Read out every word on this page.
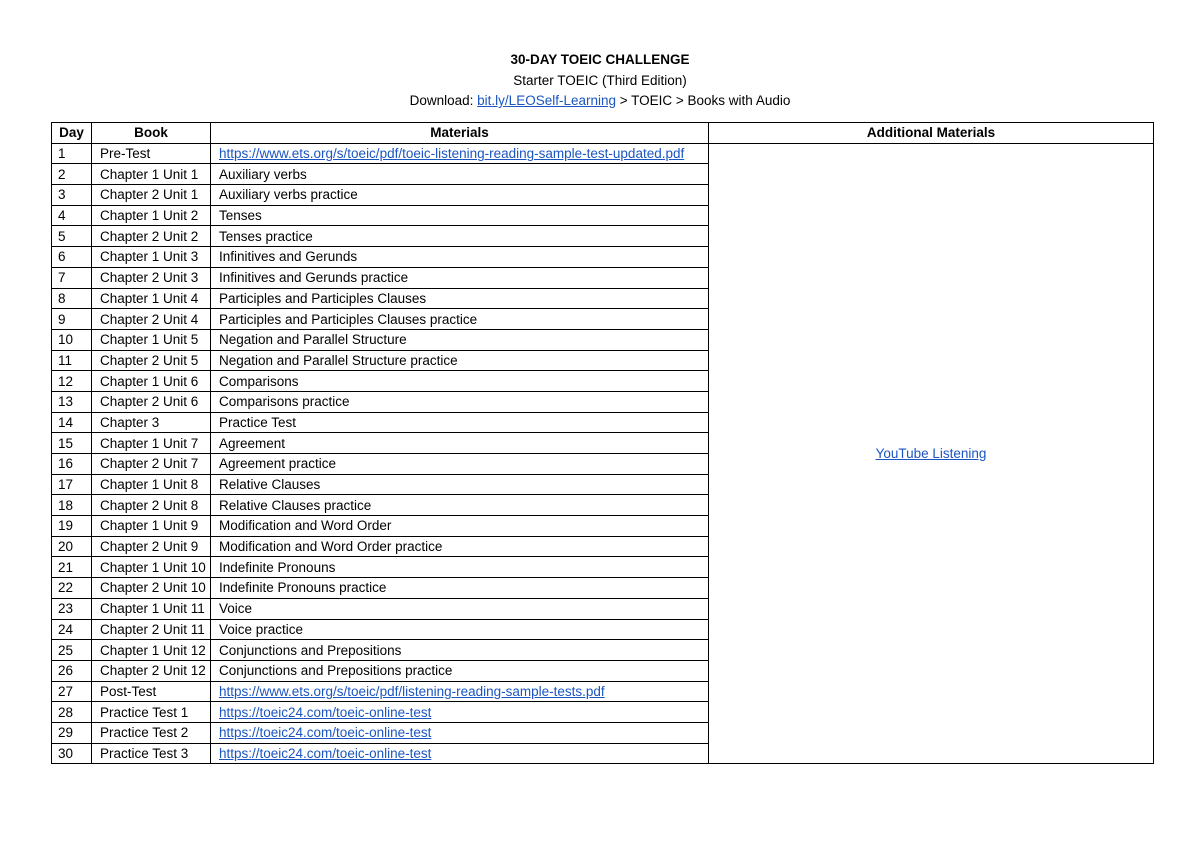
30-DAY TOEIC CHALLENGE
Starter TOEIC (Third Edition)
Download: bit.ly/LEOSelf-Learning > TOEIC > Books with Audio
Day	Book	Materials	Additional Materials
1	Pre-Test	https://www.ets.org/s/toeic/pdf/toeic-listening-reading-sample-test-updated.pdf	YouTube Listening
2	Chapter 1 Unit 1	Auxiliary verbs	
3	Chapter 2 Unit 1	Auxiliary verbs practice	
4	Chapter 1 Unit 2	Tenses	
5	Chapter 2 Unit 2	Tenses practice	
6	Chapter 1 Unit 3	Infinitives and Gerunds	
7	Chapter 2 Unit 3	Infinitives and Gerunds practice	
8	Chapter 1 Unit 4	Participles and Participles Clauses	
9	Chapter 2 Unit 4	Participles and Participles Clauses practice	
10	Chapter 1 Unit 5	Negation and Parallel Structure	
11	Chapter 2 Unit 5	Negation and Parallel Structure practice	
12	Chapter 1 Unit 6	Comparisons	
13	Chapter 2 Unit 6	Comparisons practice	
14	Chapter 3	Practice Test	
15	Chapter 1 Unit 7	Agreement	
16	Chapter 2 Unit 7	Agreement practice	
17	Chapter 1 Unit 8	Relative Clauses	
18	Chapter 2 Unit 8	Relative Clauses practice	
19	Chapter 1 Unit 9	Modification and Word Order	
20	Chapter 2 Unit 9	Modification and Word Order practice	
21	Chapter 1 Unit 10	Indefinite Pronouns	
22	Chapter 2 Unit 10	Indefinite Pronouns practice	
23	Chapter 1 Unit 11	Voice	
24	Chapter 2 Unit 11	Voice practice	
25	Chapter 1 Unit 12	Conjunctions and Prepositions	
26	Chapter 2 Unit 12	Conjunctions and Prepositions practice	
27	Post-Test	https://www.ets.org/s/toeic/pdf/listening-reading-sample-tests.pdf	
28	Practice Test 1	https://toeic24.com/toeic-online-test	
29	Practice Test 2	https://toeic24.com/toeic-online-test	
30	Practice Test 3	https://toeic24.com/toeic-online-test	
